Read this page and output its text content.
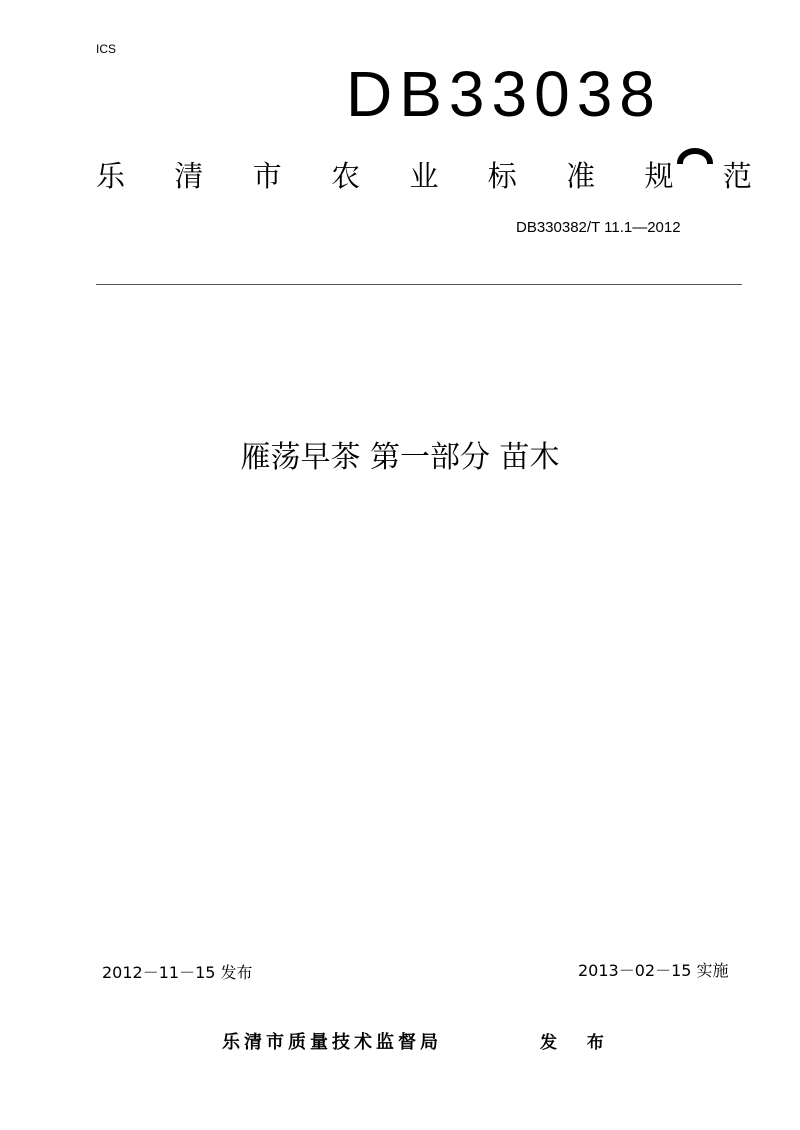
ICS
DB33038
乐 清 市 农 业 标 准 规 范
DB330382/T 11.1—2012
雁荡早茶 第一部分 苗木
2012－11－15 发布	2013－02－15 实施
乐清市质量技术监督局	发 布
